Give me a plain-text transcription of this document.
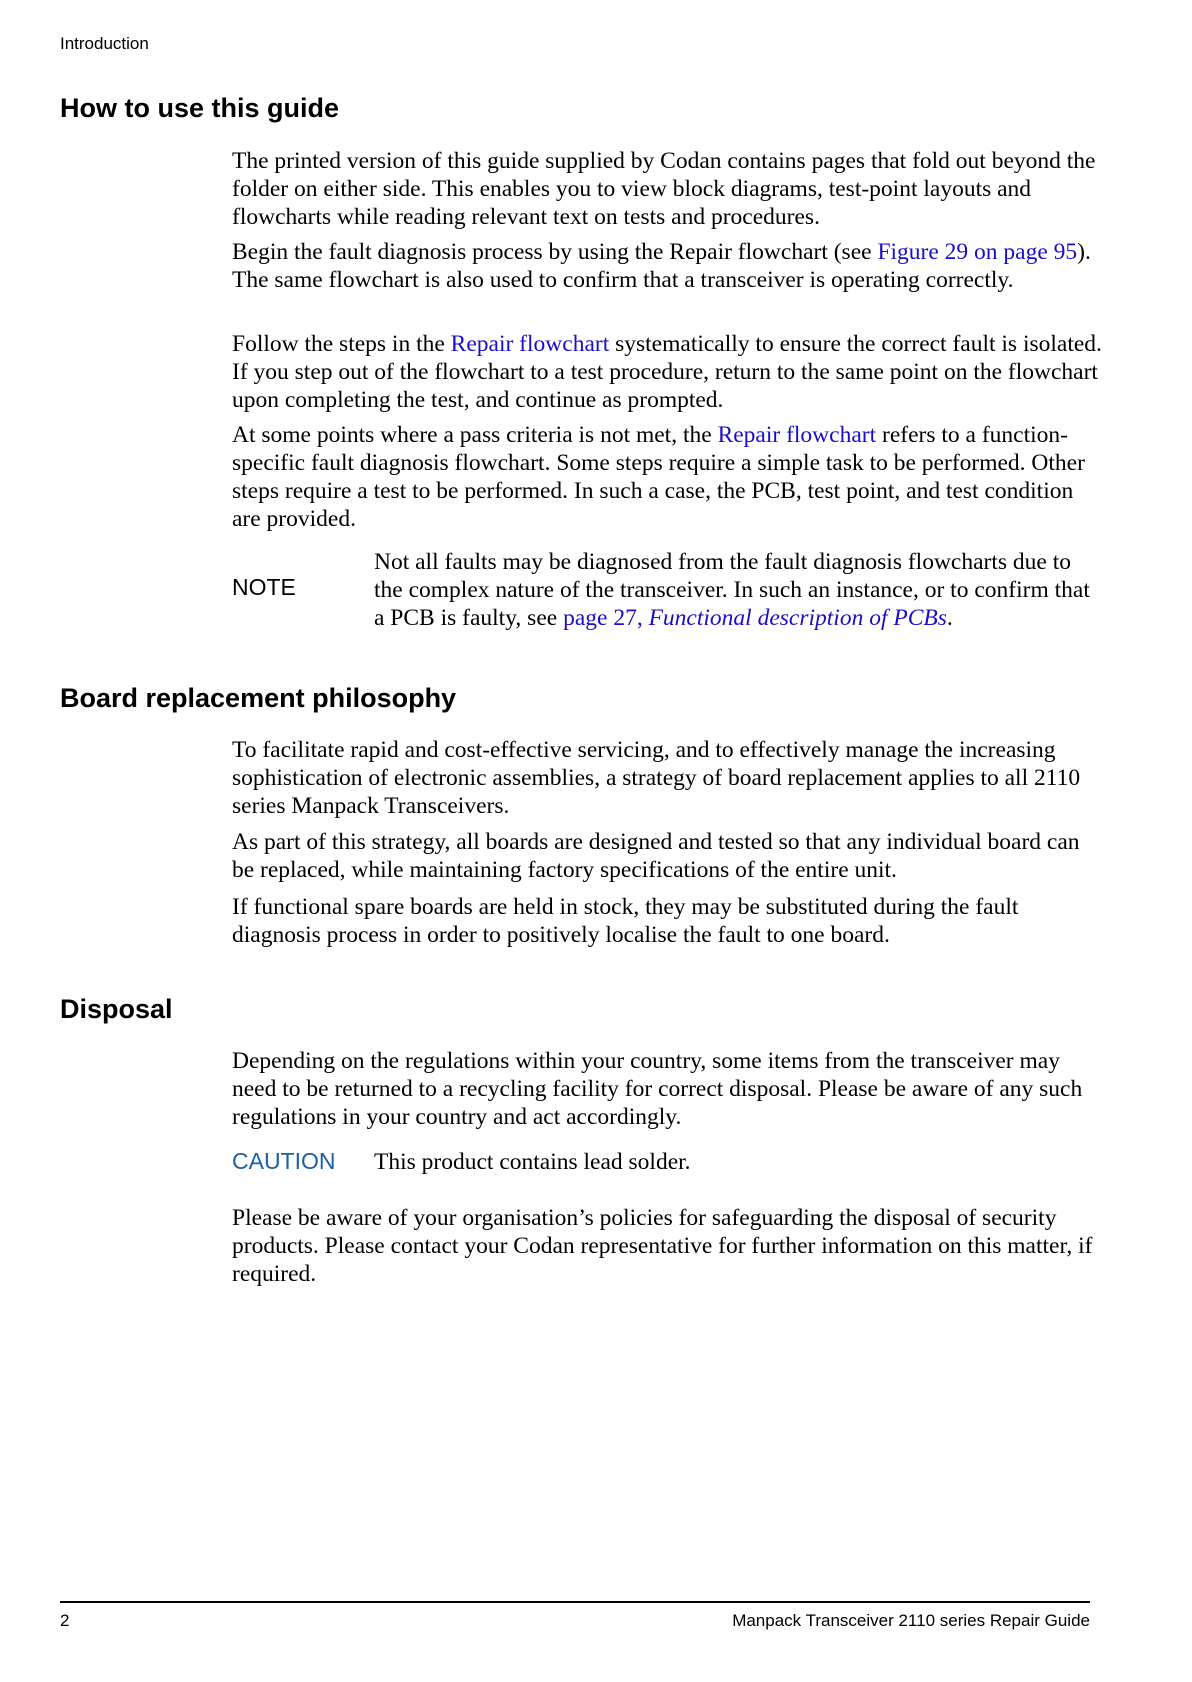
Introduction
How to use this guide

The printed version of this guide supplied by Codan contains pages that fold out beyond the folder on either side. This enables you to view block diagrams, test-point layouts and flowcharts while reading relevant text on tests and procedures.

Begin the fault diagnosis process by using the Repair flowchart (see Figure 29 on page 95). The same flowchart is also used to confirm that a transceiver is operating correctly.

Follow the steps in the Repair flowchart systematically to ensure the correct fault is isolated. If you step out of the flowchart to a test procedure, return to the same point on the flowchart upon completing the test, and continue as prompted.

At some points where a pass criteria is not met, the Repair flowchart refers to a function-specific fault diagnosis flowchart. Some steps require a simple task to be performed. Other steps require a test to be performed. In such a case, the PCB, test point, and test condition are provided.

NOTE

Not all faults may be diagnosed from the fault diagnosis flowcharts due to the complex nature of the transceiver. In such an instance, or to confirm that a PCB is faulty, see page 27, Functional description of PCBs.

Board replacement philosophy

To facilitate rapid and cost-effective servicing, and to effectively manage the increasing sophistication of electronic assemblies, a strategy of board replacement applies to all 2110 series Manpack Transceivers.

As part of this strategy, all boards are designed and tested so that any individual board can be replaced, while maintaining factory specifications of the entire unit.

If functional spare boards are held in stock, they may be substituted during the fault diagnosis process in order to positively localise the fault to one board.

Disposal

Depending on the regulations within your country, some items from the transceiver may need to be returned to a recycling facility for correct disposal. Please be aware of any such regulations in your country and act accordingly.

CAUTION This product contains lead solder.

Please be aware of your organisation’s policies for safeguarding the disposal of security products. Please contact your Codan representative for further information on this matter, if required.

2	Manpack Transceiver 2110 series Repair Guide
